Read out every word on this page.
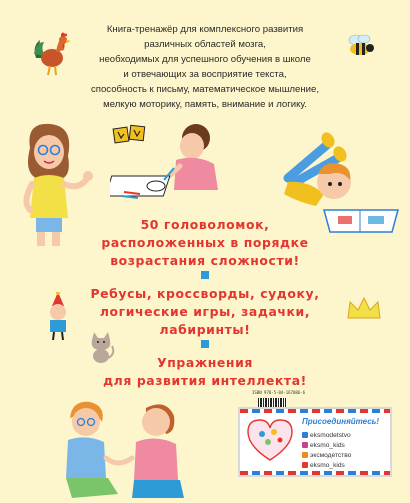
Книга-тренажёр для комплексного развития
различных областей мозга,
необходимых для успешного обучения в школе
и отвечающих за восприятие текста,
способность к письму, математическое мышление,
мелкую моторику, память, внимание и логику.

50 головоломок,
расположенных в порядке
возрастания сложности!

Ребусы, кроссворды, судоку,
логические игры, задачки,
лабиринты!

Упражнения
для развития интеллекта!

ISBN 978-5-04-167086-6
Присоединяйтесь!
eksmodetstvo
eksmo_kids
эксмодетство
eksmo_kids
